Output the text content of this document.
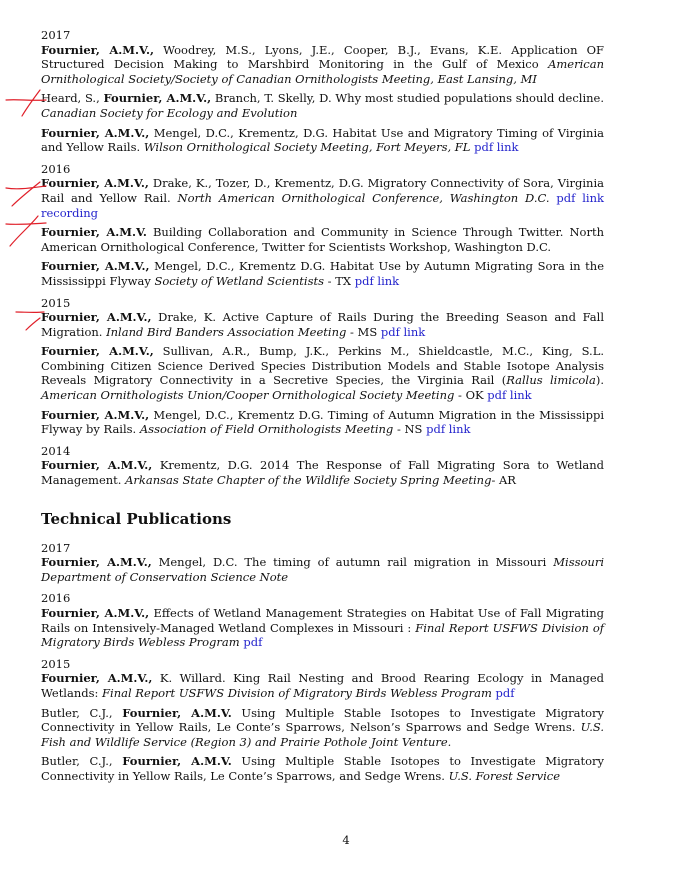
2017
Fournier, A.M.V., Woodrey, M.S., Lyons, J.E., Cooper, B.J., Evans, K.E. Application OF Structured Decision Making to Marshbird Monitoring in the Gulf of Mexico American Ornithological Society/Society of Canadian Ornithologists Meeting, East Lansing, MI
Heard, S., Fournier, A.M.V., Branch, T. Skelly, D. Why most studied populations should decline. Canadian Society for Ecology and Evolution
Fournier, A.M.V., Mengel, D.C., Krementz, D.G. Habitat Use and Migratory Timing of Virginia and Yellow Rails. Wilson Ornithological Society Meeting, Fort Meyers, FL pdf link
2016
Fournier, A.M.V., Drake, K., Tozer, D., Krementz, D.G. Migratory Connectivity of Sora, Virginia Rail and Yellow Rail. North American Ornithological Conference, Washington D.C. pdf link recording
Fournier, A.M.V. Building Collaboration and Community in Science Through Twitter. North American Ornithological Conference, Twitter for Scientists Workshop, Washington D.C.
Fournier, A.M.V., Mengel, D.C., Krementz D.G. Habitat Use by Autumn Migrating Sora in the Mississippi Flyway Society of Wetland Scientists - TX pdf link
2015
Fournier, A.M.V., Drake, K. Active Capture of Rails During the Breeding Season and Fall Migration. Inland Bird Banders Association Meeting - MS pdf link
Fournier, A.M.V., Sullivan, A.R., Bump, J.K., Perkins M., Shieldcastle, M.C., King, S.L. Combining Citizen Science Derived Species Distribution Models and Stable Isotope Analysis Reveals Migratory Connectivity in a Secretive Species, the Virginia Rail (Rallus limicola). American Ornithologists Union/Cooper Ornithological Society Meeting - OK pdf link
Fournier, A.M.V., Mengel, D.C., Krementz D.G. Timing of Autumn Migration in the Mississippi Flyway by Rails. Association of Field Ornithologists Meeting - NS pdf link
2014
Fournier, A.M.V., Krementz, D.G. 2014 The Response of Fall Migrating Sora to Wetland Management. Arkansas State Chapter of the Wildlife Society Spring Meeting- AR
Technical Publications
2017
Fournier, A.M.V., Mengel, D.C. The timing of autumn rail migration in Missouri Missouri Department of Conservation Science Note
2016
Fournier, A.M.V., Effects of Wetland Management Strategies on Habitat Use of Fall Migrating Rails on Intensively-Managed Wetland Complexes in Missouri : Final Report USFWS Division of Migratory Birds Webless Program pdf
2015
Fournier, A.M.V., K. Willard. King Rail Nesting and Brood Rearing Ecology in Managed Wetlands: Final Report USFWS Division of Migratory Birds Webless Program pdf
Butler, C.J., Fournier, A.M.V. Using Multiple Stable Isotopes to Investigate Migratory Connectivity in Yellow Rails, Le Conte’s Sparrows, Nelson’s Sparrows and Sedge Wrens. U.S. Fish and Wildlife Service (Region 3) and Prairie Pothole Joint Venture.
Butler, C.J., Fournier, A.M.V. Using Multiple Stable Isotopes to Investigate Migratory Connectivity in Yellow Rails, Le Conte’s Sparrows, and Sedge Wrens. U.S. Forest Service
4
